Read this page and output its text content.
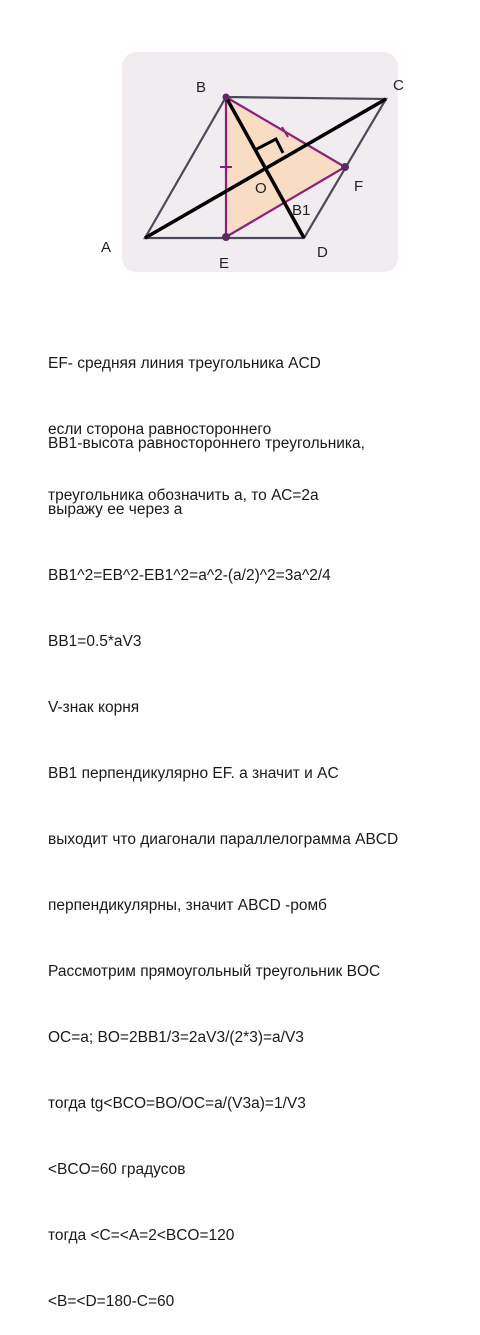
A
B	C
D
E
F
O
B1

EF- средняя линия треугольника ACD

если сторона равностороннего

треугольника обозначить а, то АС=2а

BB1-высота равностороннего треугольника,

выражу ее через а

BB1^2=EB^2-EB1^2=a^2-(a/2)^2=3a^2/4

BB1=0.5*aV3

V-знак корня

BB1 перпендикулярно EF. а значит и AC

выходит что диагонали параллелограмма ABCD

перпендикулярны, значит ABCD -ромб

Рассмотрим прямоугольный треугольник BOC

OC=a; BO=2BB1/3=2aV3/(2*3)=a/V3

тогда tg<BCO=BO/OC=a/(V3a)=1/V3

<BCO=60 градусов

тогда <C=<A=2<BCO=120

<B=<D=180-C=60
